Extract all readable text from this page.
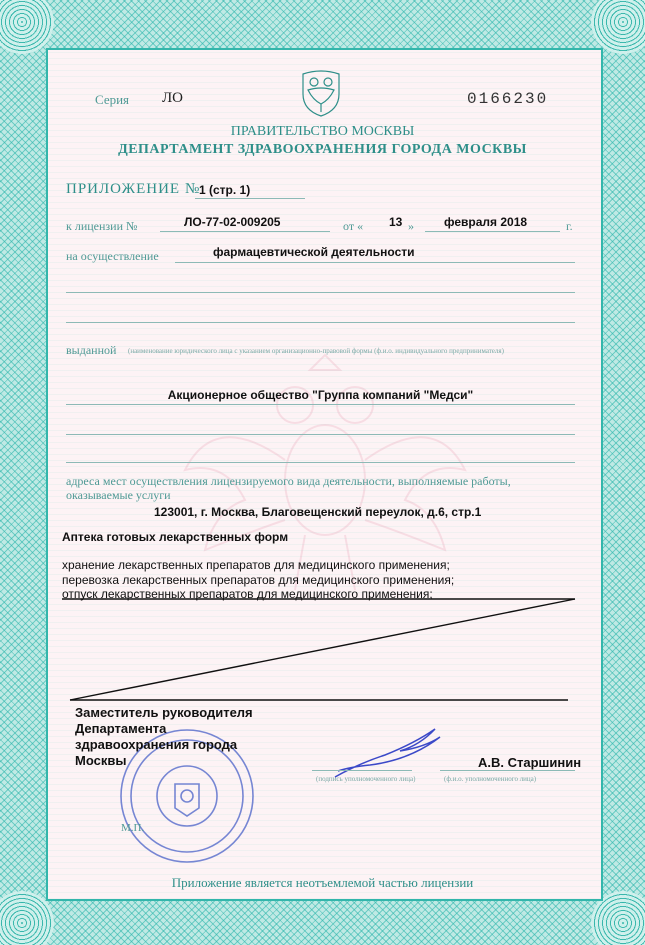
Серия ЛО	0166230
ПРАВИТЕЛЬСТВО МОСКВЫ
ДЕПАРТАМЕНТ ЗДРАВООХРАНЕНИЯ ГОРОДА МОСКВЫ
ПРИЛОЖЕНИЕ № 1 (стр. 1)
к лицензии №	ЛО-77-02-009205	от « 13 »	февраля 2018	г.
на осуществление	фармацевтической деятельности
выданной (наименование юридического лица с указанием организационно-правовой формы (ф.и.о. индивидуального предпринимателя)
Акционерное общество "Группа компаний "Медси"
адреса мест осуществления лицензируемого вида деятельности, выполняемые работы,
оказываемые услуги
123001, г. Москва, Благовещенский переулок, д.6, стр.1
Аптека готовых лекарственных форм
хранение лекарственных препаратов для медицинского применения;
перевозка лекарственных препаратов для медицинского применения;
отпуск лекарственных препаратов для медицинского применения;
Заместитель руководителя
Департамента
здравоохранения города
Москвы
(подпись уполномоченного лица)
А.В. Старшинин
(ф.и.о. уполномоченного лица)
М.П.
Приложение является неотъемлемой частью лицензии
